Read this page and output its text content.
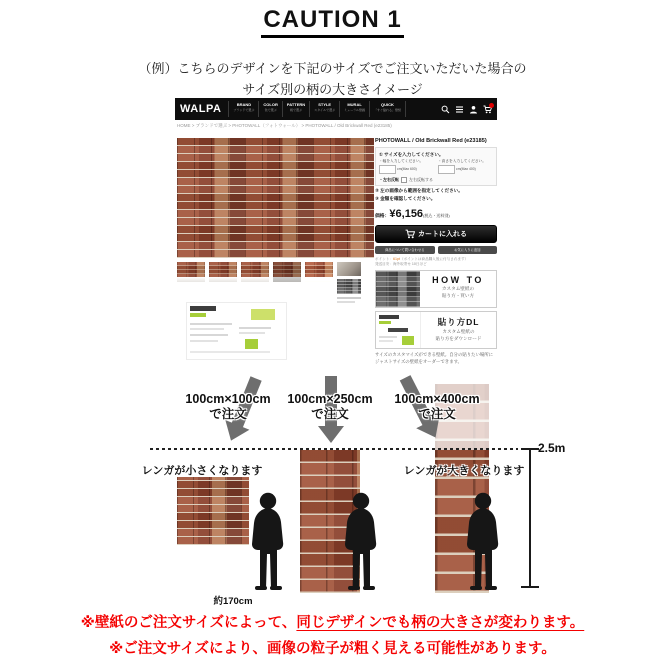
CAUTION 1
（例）こちらのデザインを下記のサイズでご注文いただいた場合の
サイズ別の柄の大きさイメージ
WALPA	BRAND
ブランドで選ぶ
COLOR
色で選ぶ
PATTERN
柄で選ぶ
STYLE
スタイルで選ぶ
MURAL
ミューラル壁画
QUICK
「すぐ貼れる」壁紙
HOME > ブランドで選ぶ > PHOTOWALL（フォトウォール） > PHOTOWALL / Old Brickwall Red (e23185)
PHOTOWALL / Old Brickwall Red (e23185)
① サイズを入力してください。
・幅を入力してください。
cm(Max 600)
・高さを入力してください。
cm(Max 400)
・左右反転	左右反転する
② 左の画像から範囲を指定してください。
③ 金額を確認してください。
価格：¥6,156(税込・送料別)
カートに入れる
商品について問い合わせる	お気に入りに追加
ポイント：61pt（ポイントは商品購入後に付与されます）
発送目安：海外取寄せ 10日ほど
HOW TO
カスタム壁紙の
貼り方・買い方
貼り方DL
カスタム壁紙の
貼り方をダウンロード
サイズのカスタマイズができる壁紙。自分の貼りたい場所にジャストサイズの壁紙をオーダーできます。
100cm×100cm
で注文
100cm×250cm
で注文
100cm×400cm
で注文
レンガが小さくなります	レンガが大きくなります
約170cm
2.5m
※壁紙のご注文サイズによって、同じデザインでも柄の大きさが変わります。
※ご注文サイズにより、画像の粒子が粗く見える可能性があります。
